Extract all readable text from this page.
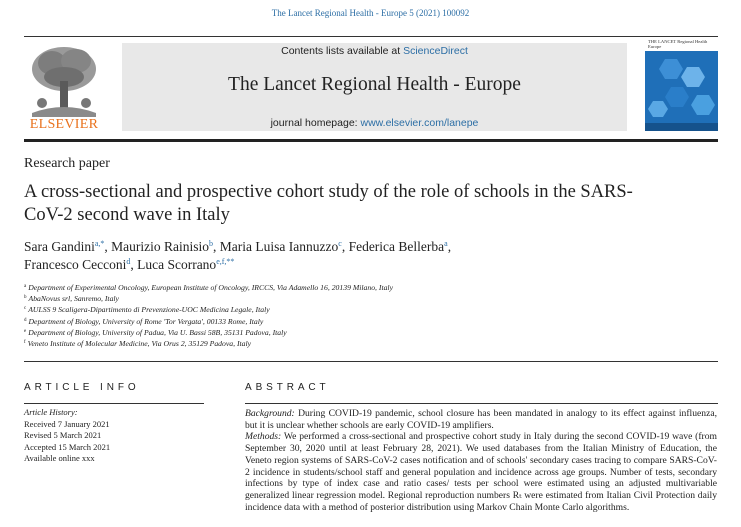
The Lancet Regional Health - Europe 5 (2021) 100092
ELSEVIER
Contents lists available at ScienceDirect
The Lancet Regional Health - Europe
journal homepage: www.elsevier.com/lanepe
THE LANCET Regional Health Europe
Research paper
A cross-sectional and prospective cohort study of the role of schools in the SARS-CoV-2 second wave in Italy
Sara Gandini$^{a,*}$, Maurizio Rainisio$^b$, Maria Luisa Iannuzzo$^c$, Federica Bellerba$^a$,
Francesco Cecconi$^d$, Luca Scorrano$^{e,f,**}$
$^a$ Department of Experimental Oncology, European Institute of Oncology, IRCCS, Via Adamello 16, 20139 Milano, Italy
$^b$ AbaNovus srl, Sanremo, Italy
$^c$ AULSS 9 Scaligera-Dipartimento di Prevenzione-UOC Medicina Legale, Italy
$^d$ Department of Biology, University of Rome 'Tor Vergata', 00133 Rome, Italy
$^e$ Department of Biology, University of Padua, Via U. Bassi 58B, 35131 Padova, Italy
$^f$ Veneto Institute of Molecular Medicine, Via Orus 2, 35129 Padova, Italy
ARTICLE INFO	ABSTRACT
Article History:
Received 7 January 2021
Revised 5 March 2021
Accepted 15 March 2021
Available online xxx
Background: During COVID-19 pandemic, school closure has been mandated in analogy to its effect against influenza, but it is unclear whether schools are early COVID-19 amplifiers.
Methods: We performed a cross-sectional and prospective cohort study in Italy during the second COVID-19 wave (from September 30, 2020 until at least February 28, 2021). We used databases from the Italian Ministry of Education, the Veneto region systems of SARS-CoV-2 cases notification and of schools' secondary cases tracing to compare SARS-CoV-2 incidence in students/school staff and general population and incidence across age groups. Number of tests, secondary infections by type of index case and ratio cases/ tests per school were estimated using an adjusted multivariable generalized linear regression model. Regional reproduction numbers Rₜ were estimated from Italian Civil Protection daily incidence data with a method of posterior distribution using Markov Chain Monte Carlo algorithms.
